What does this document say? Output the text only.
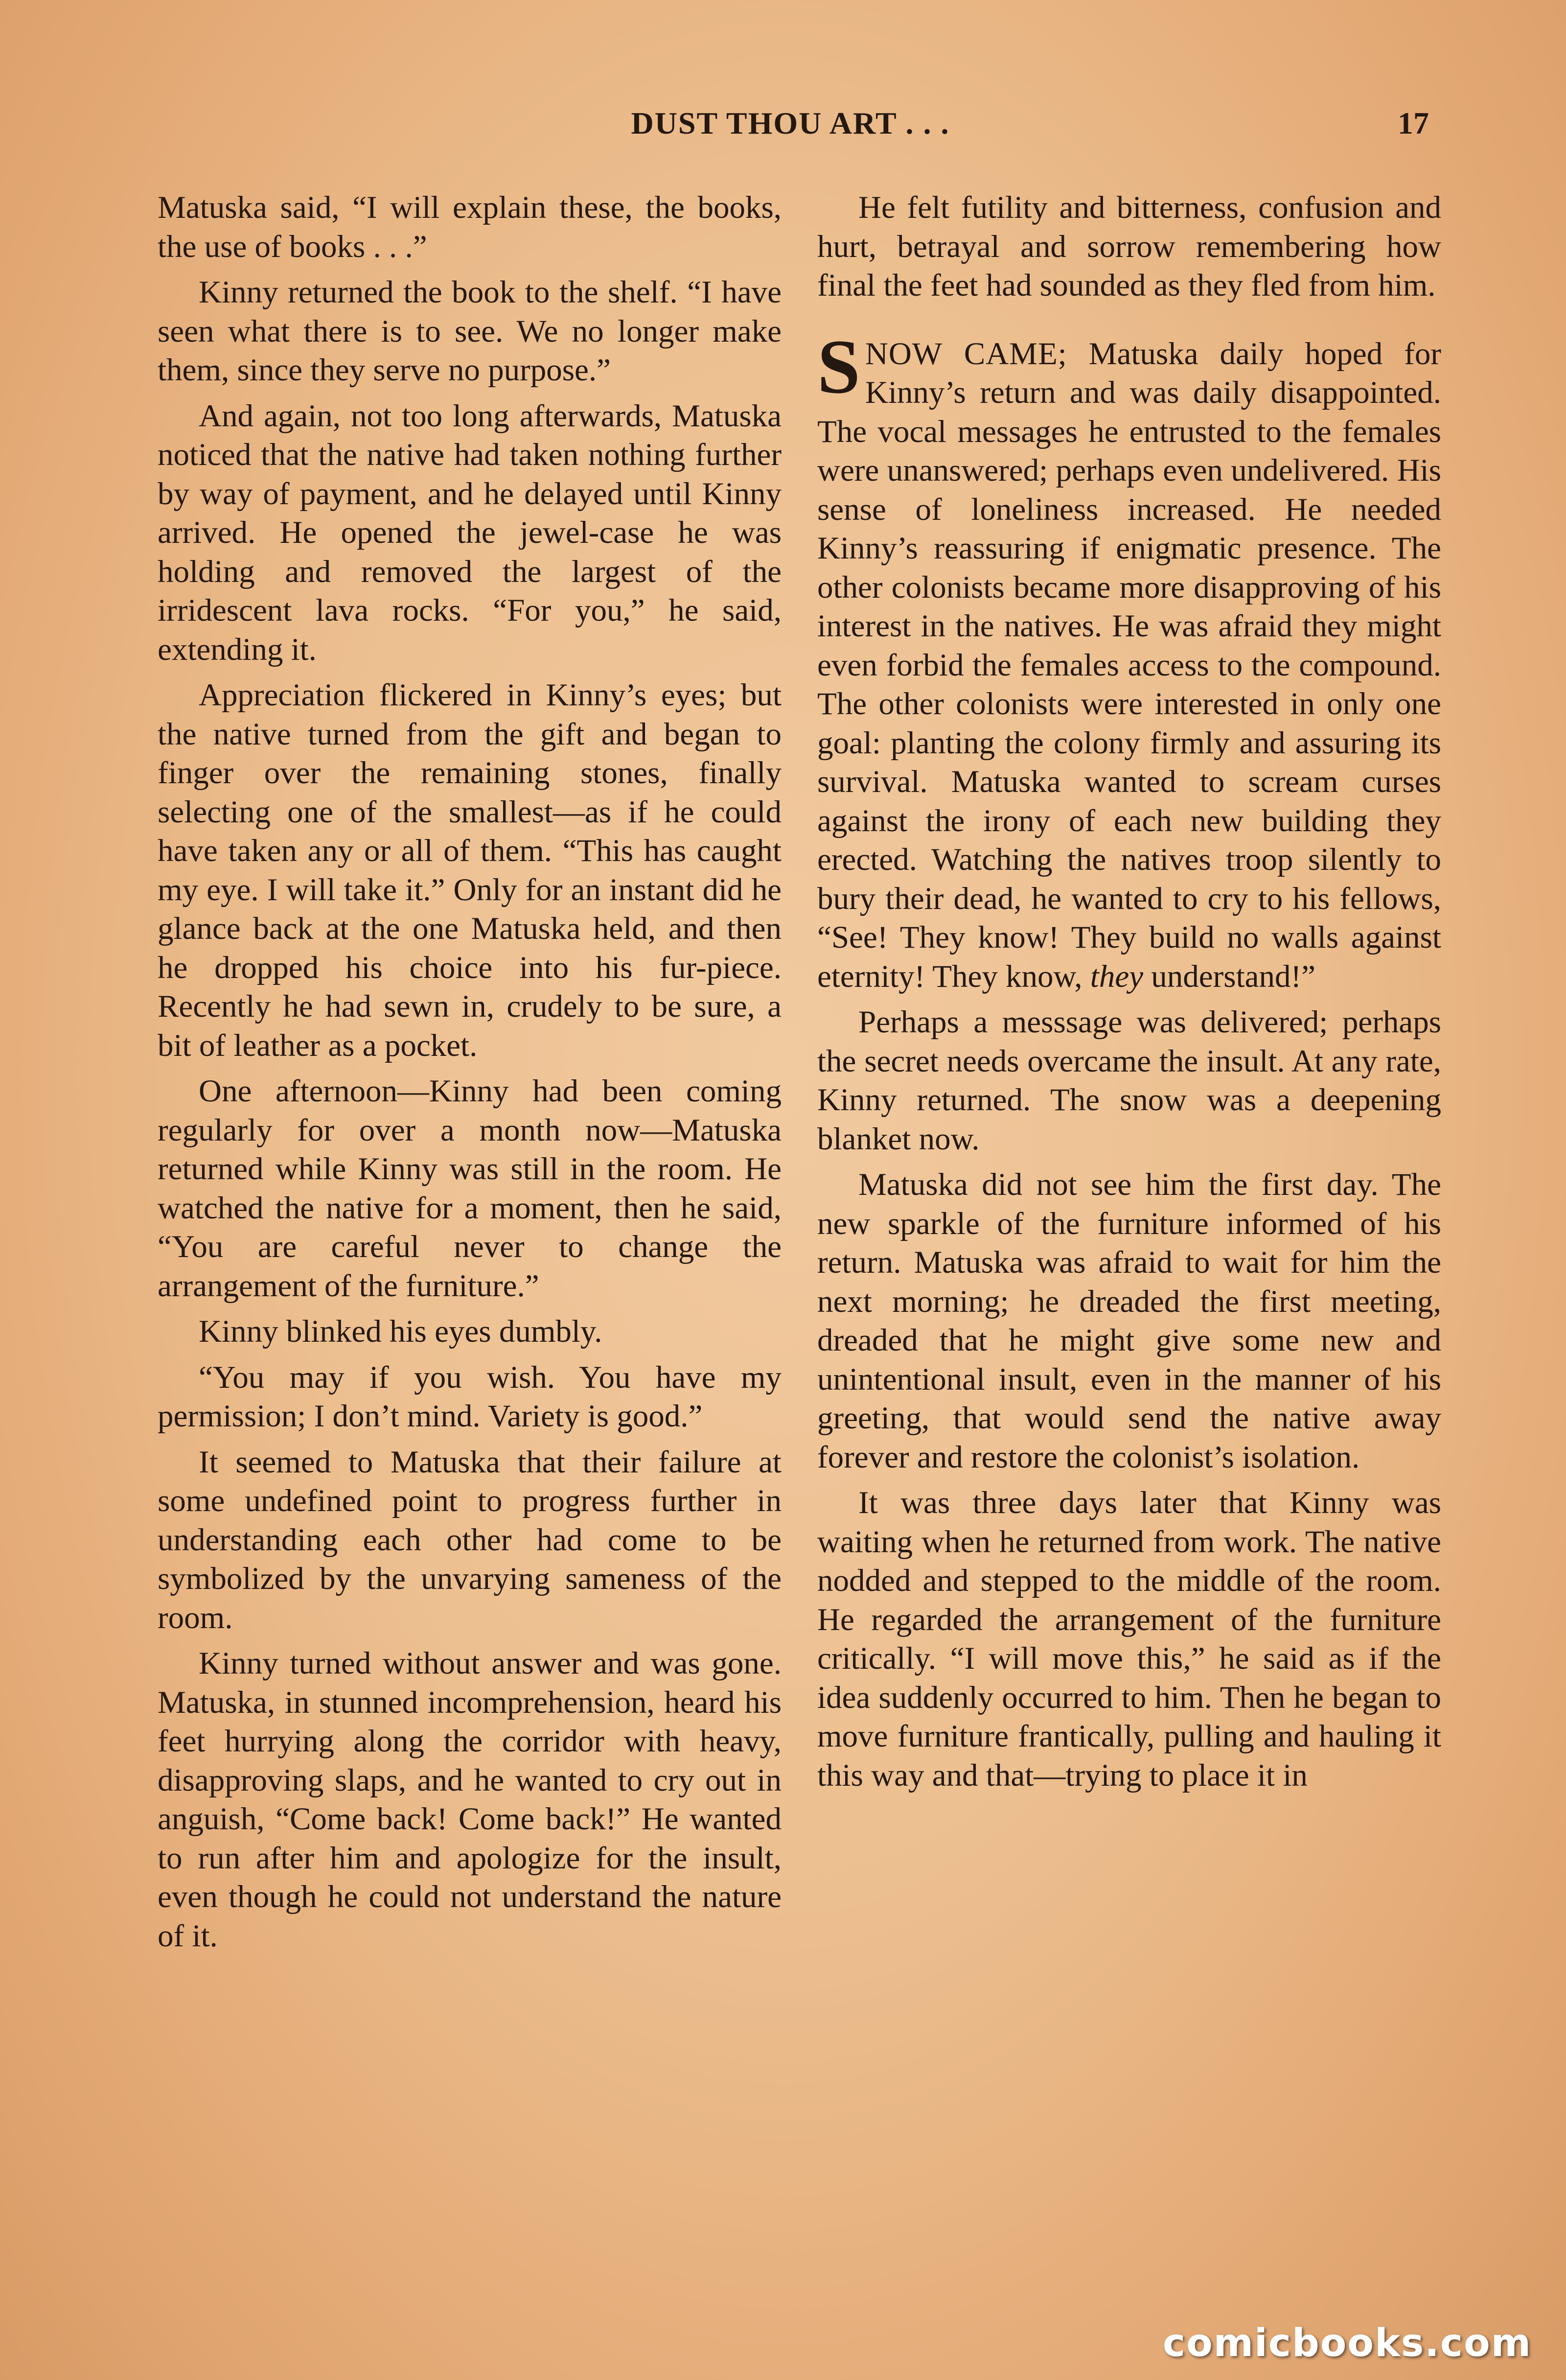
DUST THOU ART . . .	17

Matuska said, “I will explain these, the books, the use of books . . .”

Kinny returned the book to the shelf. “I have seen what there is to see. We no longer make them, since they serve no purpose.”

And again, not too long afterwards, Matuska noticed that the native had taken nothing further by way of payment, and he delayed until Kinny arrived. He opened the jewel-case he was holding and removed the largest of the irridescent lava rocks. “For you,” he said, extending it.

Appreciation flickered in Kinny’s eyes; but the native turned from the gift and began to finger over the remaining stones, finally selecting one of the smallest—as if he could have taken any or all of them. “This has caught my eye. I will take it.” Only for an instant did he glance back at the one Matuska held, and then he dropped his choice into his fur-piece. Recently he had sewn in, crudely to be sure, a bit of leather as a pocket.

One afternoon—Kinny had been coming regularly for over a month now—Matuska returned while Kinny was still in the room. He watched the native for a moment, then he said, “You are careful never to change the arrangement of the furniture.”

Kinny blinked his eyes dumbly.

“You may if you wish. You have my permission; I don’t mind. Variety is good.”

It seemed to Matuska that their failure at some undefined point to progress further in understanding each other had come to be symbolized by the unvarying sameness of the room.

Kinny turned without answer and was gone. Matuska, in stunned incomprehension, heard his feet hurrying along the corridor with heavy, disapproving slaps, and he wanted to cry out in anguish, “Come back! Come back!” He wanted to run after him and apologize for the insult, even though he could not understand the nature of it.

He felt futility and bitterness, confusion and hurt, betrayal and sorrow remembering how final the feet had sounded as they fled from him.

SNOW CAME; Matuska daily hoped for Kinny’s return and was daily disappointed. The vocal messages he entrusted to the females were unanswered; perhaps even undelivered. His sense of loneliness increased. He needed Kinny’s reassuring if enigmatic presence. The other colonists became more disapproving of his interest in the natives. He was afraid they might even forbid the females access to the compound. The other colonists were interested in only one goal: planting the colony firmly and assuring its survival. Matuska wanted to scream curses against the irony of each new building they erected. Watching the natives troop silently to bury their dead, he wanted to cry to his fellows, “See! They know! They build no walls against eternity! They know, they understand!”

Perhaps a messsage was delivered; perhaps the secret needs overcame the insult. At any rate, Kinny returned. The snow was a deepening blanket now.

Matuska did not see him the first day. The new sparkle of the furniture informed of his return. Matuska was afraid to wait for him the next morning; he dreaded the first meeting, dreaded that he might give some new and unintentional insult, even in the manner of his greeting, that would send the native away forever and restore the colonist’s isolation.

It was three days later that Kinny was waiting when he returned from work. The native nodded and stepped to the middle of the room. He regarded the arrangement of the furniture critically. “I will move this,” he said as if the idea suddenly occurred to him. Then he began to move furniture frantically, pulling and hauling it this way and that—trying to place it in

comicbooks.com
